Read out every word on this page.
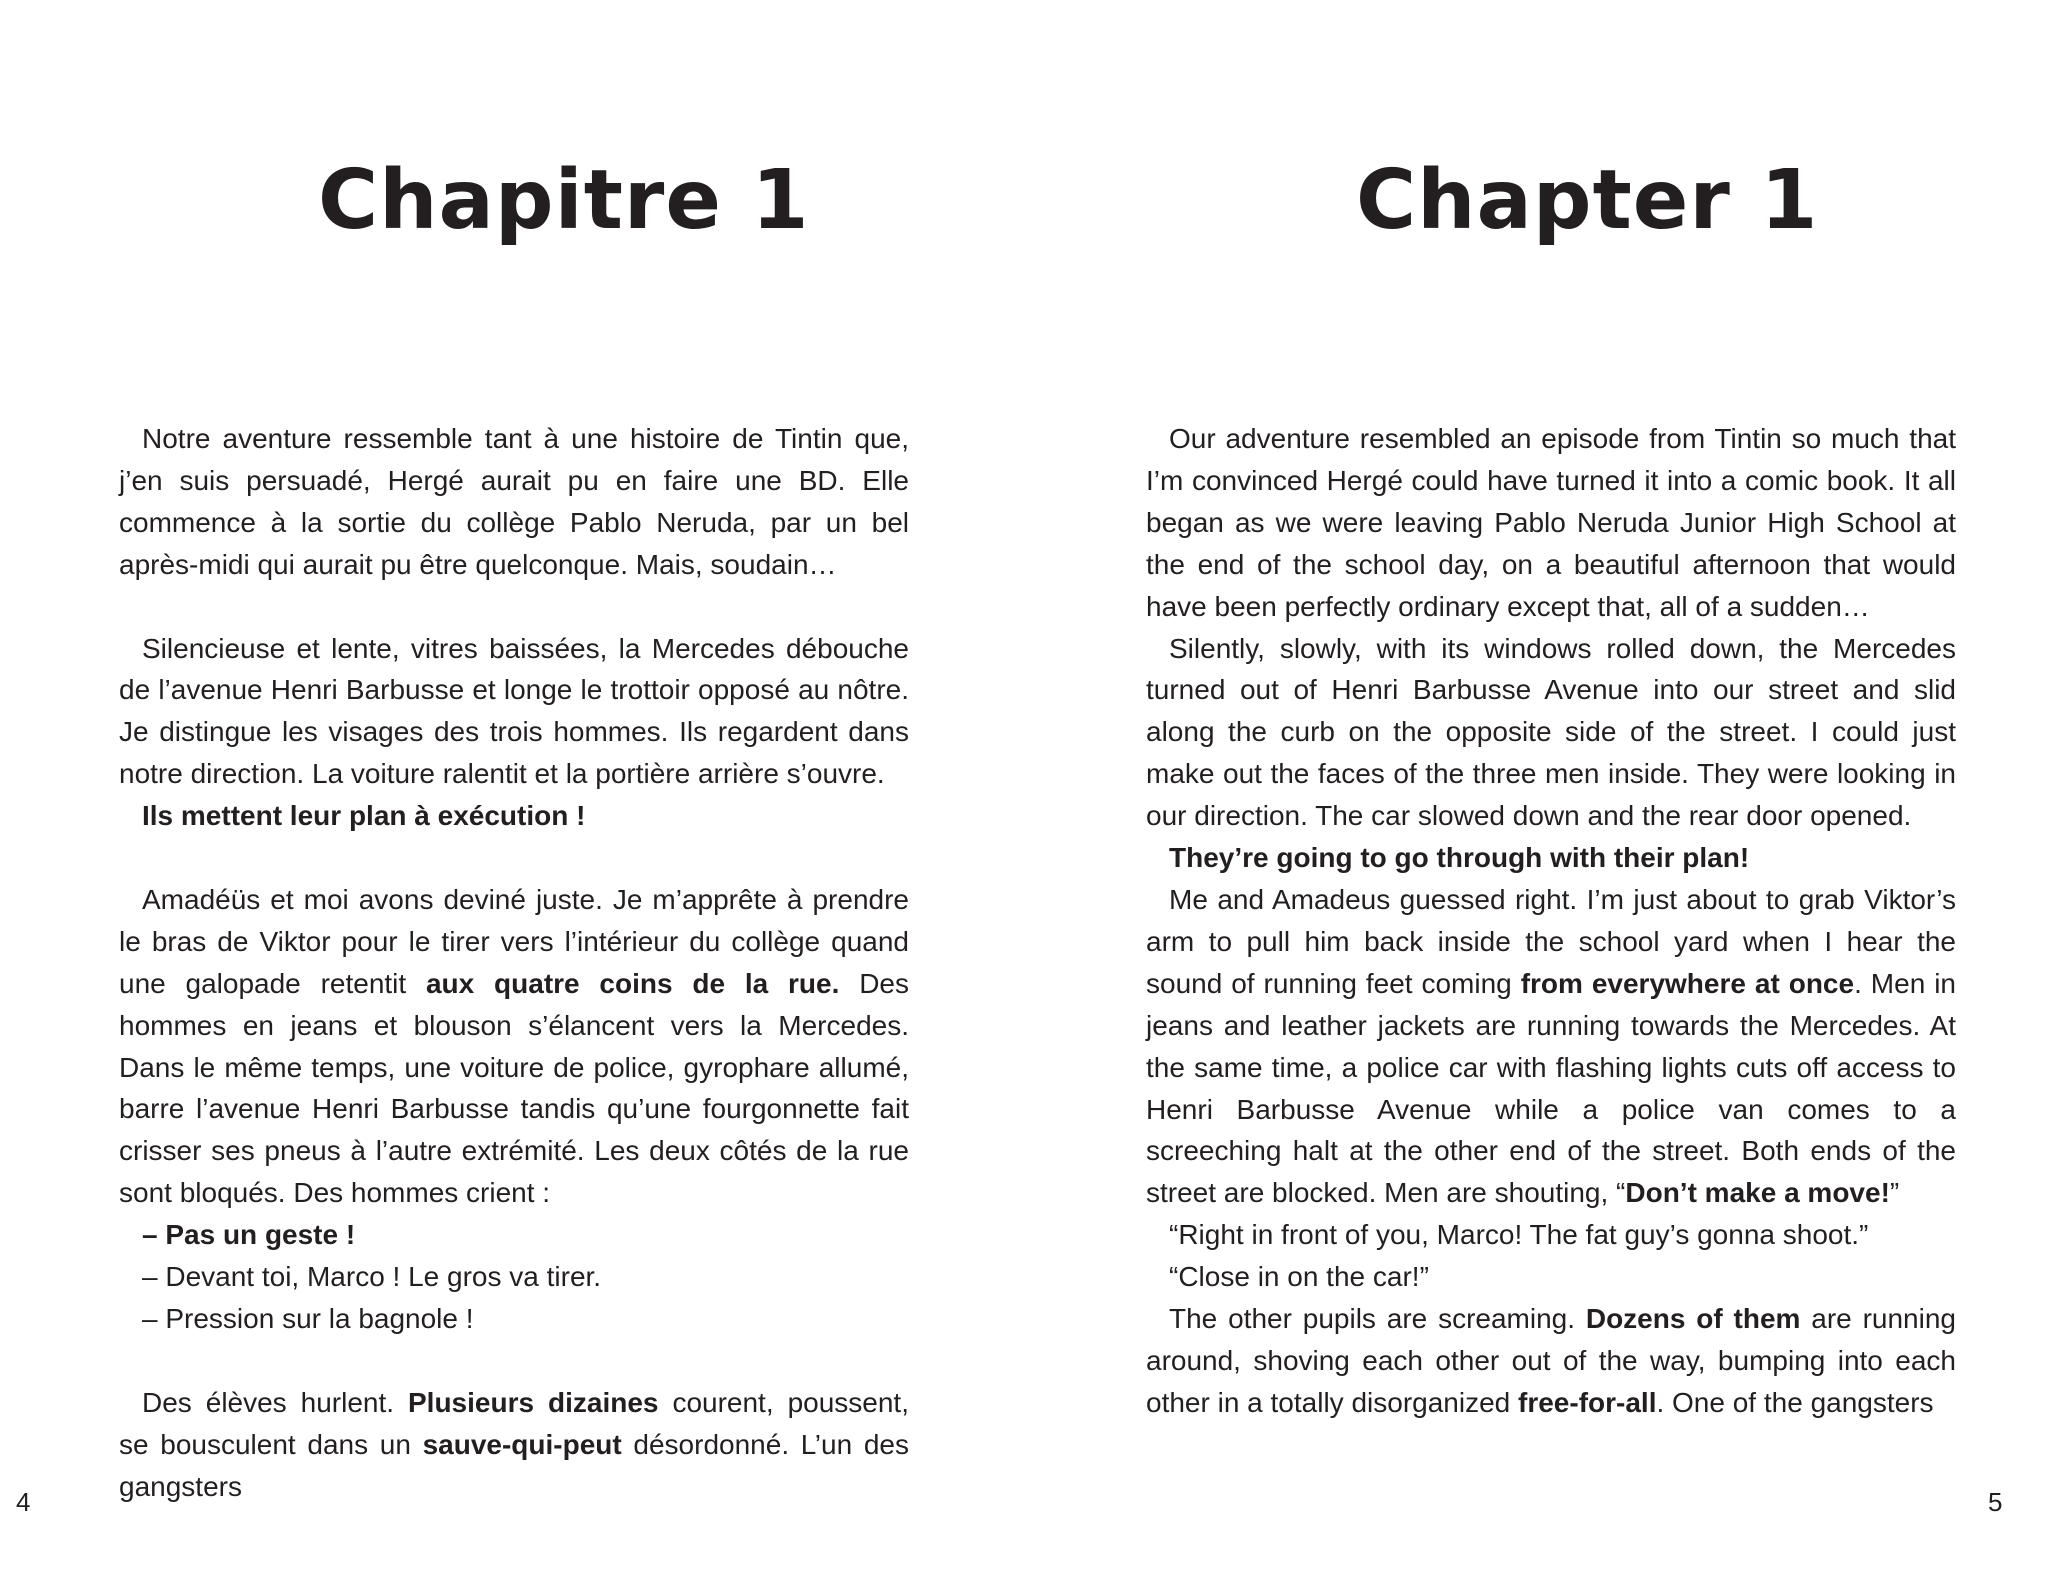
Chapitre 1

Notre aventure ressemble tant à une histoire de Tintin que, j’en suis persuadé, Hergé aurait pu en faire une BD. Elle commence à la sortie du collège Pablo Neruda, par un bel après-midi qui aurait pu être quelconque. Mais, soudain…

Silencieuse et lente, vitres baissées, la Mercedes débouche de l’avenue Henri Barbusse et longe le trottoir opposé au nôtre. Je distingue les visages des trois hommes. Ils regardent dans notre direction. La voiture ralentit et la portière arrière s’ouvre.

Ils mettent leur plan à exécution !

Amadéüs et moi avons deviné juste. Je m’apprête à prendre le bras de Viktor pour le tirer vers l’intérieur du collège quand une galopade retentit aux quatre coins de la rue. Des hommes en jeans et blouson s’élancent vers la Mercedes. Dans le même temps, une voiture de police, gyrophare allumé, barre l’avenue Henri Barbusse tandis qu’une fourgonnette fait crisser ses pneus à l’autre extrémité. Les deux côtés de la rue sont bloqués. Des hommes crient :

– Pas un geste !

– Devant toi, Marco ! Le gros va tirer.

– Pression sur la bagnole !

Des élèves hurlent. Plusieurs dizaines courent, poussent, se bousculent dans un sauve-qui-peut désordonné. L’un des gangsters

4
Chapter 1

Our adventure resembled an episode from Tintin so much that I’m convinced Hergé could have turned it into a comic book. It all began as we were leaving Pablo Neruda Junior High School at the end of the school day, on a beautiful afternoon that would have been perfectly ordinary except that, all of a sudden…

Silently, slowly, with its windows rolled down, the Mercedes turned out of Henri Barbusse Avenue into our street and slid along the curb on the opposite side of the street. I could just make out the faces of the three men inside. They were looking in our direction. The car slowed down and the rear door opened.

They’re going to go through with their plan!

Me and Amadeus guessed right. I’m just about to grab Viktor’s arm to pull him back inside the school yard when I hear the sound of running feet coming from everywhere at once. Men in jeans and leather jackets are running towards the Mercedes. At the same time, a police car with flashing lights cuts off access to Henri Barbusse Avenue while a police van comes to a screeching halt at the other end of the street. Both ends of the street are blocked. Men are shouting, “Don’t make a move!”

“Right in front of you, Marco! The fat guy’s gonna shoot.”

“Close in on the car!”

The other pupils are screaming. Dozens of them are running around, shoving each other out of the way, bumping into each other in a totally disorganized free-for-all. One of the gangsters

5
